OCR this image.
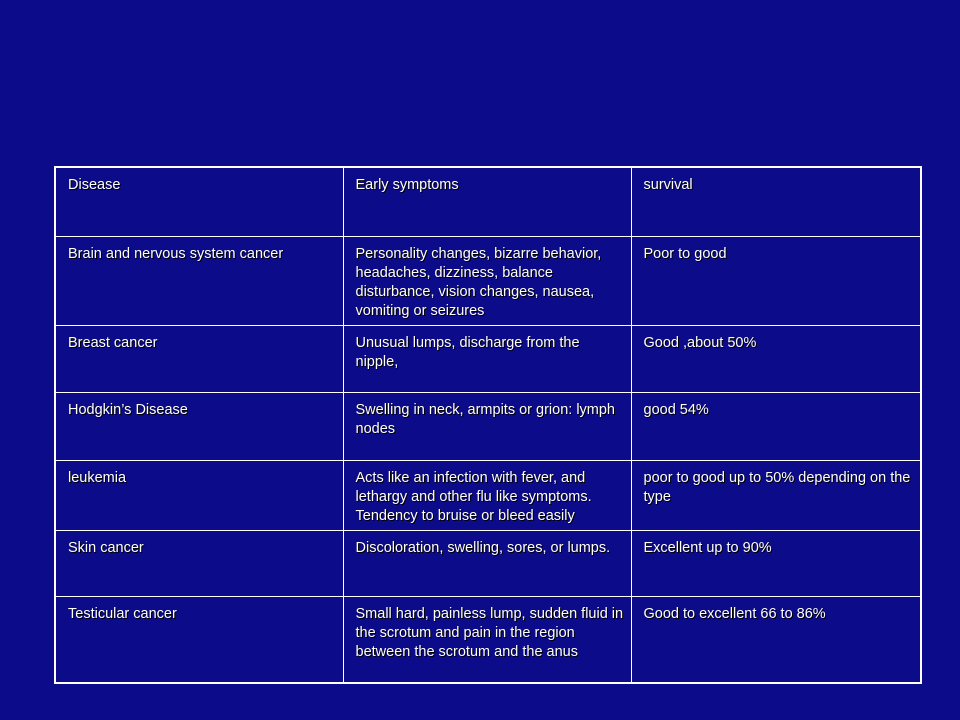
Disease	Early symptoms	survival
Brain and nervous system cancer	Personality changes, bizarre behavior, headaches, dizziness, balance disturbance, vision changes, nausea, vomiting or seizures	Poor to good
Breast cancer	Unusual lumps, discharge from the nipple,	Good ,about 50%
Hodgkin’s Disease	Swelling in neck, armpits or grion: lymph nodes	good 54%
leukemia	Acts like an infection with fever, and lethargy and other flu like symptoms. Tendency to bruise or bleed easily	poor to good up to 50% depending on the type
Skin cancer	Discoloration, swelling, sores, or lumps.	Excellent up to 90%
Testicular cancer	Small hard, painless lump, sudden fluid in the scrotum and pain in the region between the scrotum and the anus	Good to excellent 66 to 86%
